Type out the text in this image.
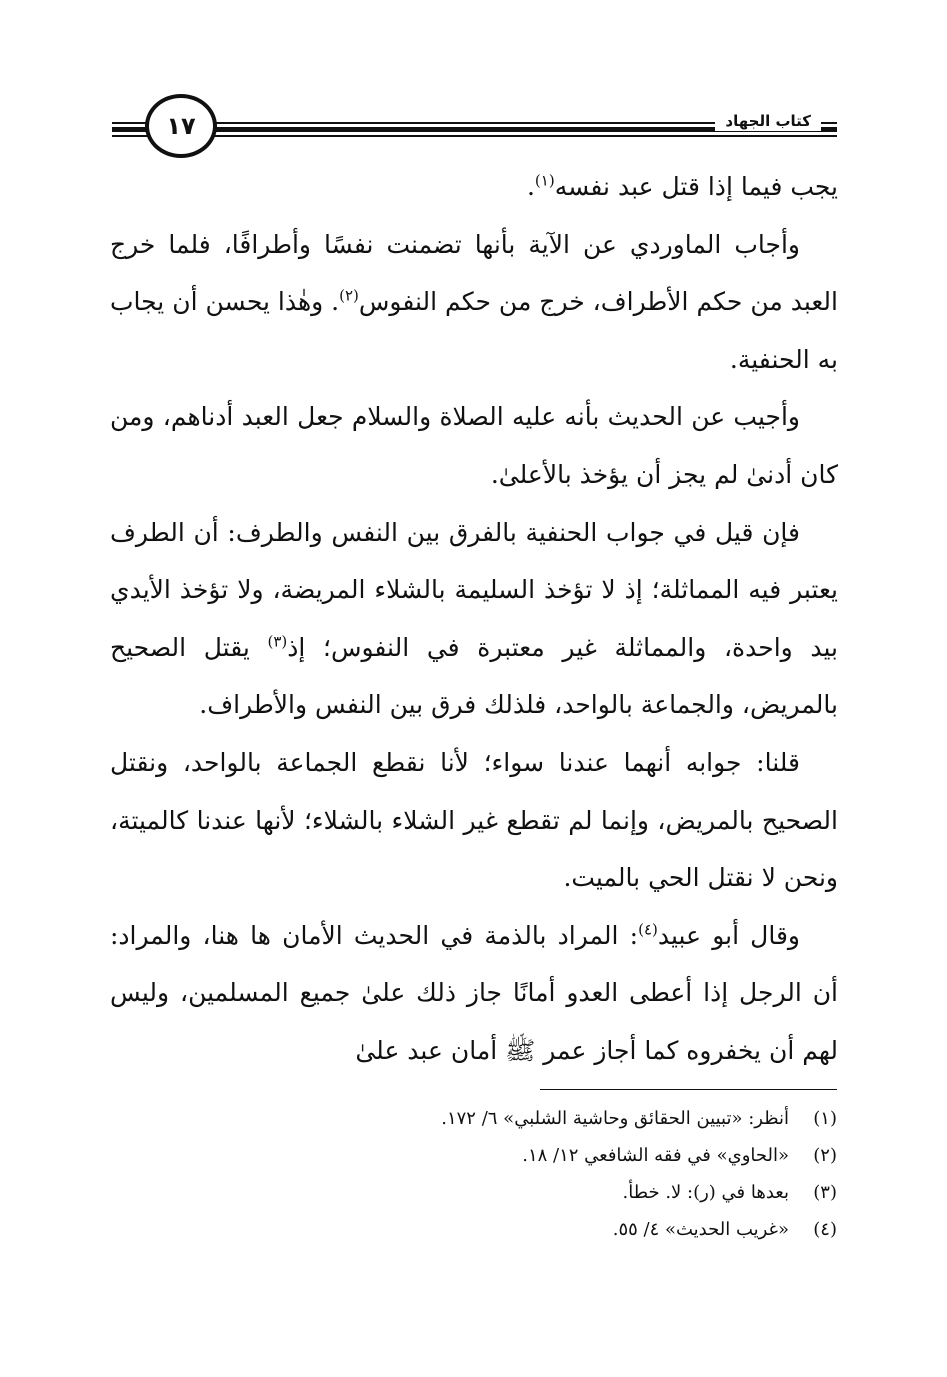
كتاب الجهاد
١٧

يجب فيما إذا قتل عبد نفسه$^{(١)}$.

وأجاب الماوردي عن الآية بأنها تضمنت نفسًا وأطرافًا، فلما خرج العبد من حكم الأطراف، خرج من حكم النفوس$^{(٢)}$. وهٰذا يحسن أن يجاب به الحنفية.

وأجيب عن الحديث بأنه عليه الصلاة والسلام جعل العبد أدناهم، ومن كان أدنىٰ لم يجز أن يؤخذ بالأعلىٰ.

فإن قيل في جواب الحنفية بالفرق بين النفس والطرف: أن الطرف يعتبر فيه المماثلة؛ إذ لا تؤخذ السليمة بالشلاء المريضة، ولا تؤخذ الأيدي بيد واحدة، والمماثلة غير معتبرة في النفوس؛ إذ$^{(٣)}$ يقتل الصحيح بالمريض، والجماعة بالواحد، فلذلك فرق بين النفس والأطراف.

قلنا: جوابه أنهما عندنا سواء؛ لأنا نقطع الجماعة بالواحد، ونقتل الصحيح بالمريض، وإنما لم تقطع غير الشلاء بالشلاء؛ لأنها عندنا كالميتة، ونحن لا نقتل الحي بالميت.

وقال أبو عبيد$^{(٤)}$: المراد بالذمة في الحديث الأمان ها هنا، والمراد: أن الرجل إذا أعطى العدو أمانًا جاز ذلك علىٰ جميع المسلمين، وليس لهم أن يخفروه كما أجاز عمر ﷺ أمان عبد علىٰ

(١)
أنظر: «تبيين الحقائق وحاشية الشلبي» ٦/ ١٧٢.
(٢)
«الحاوي» في فقه الشافعي ١٢/ ١٨.
(٣)
بعدها في (ر): لا. خطأ.
(٤)
«غريب الحديث» ٤/ ٥٥.
